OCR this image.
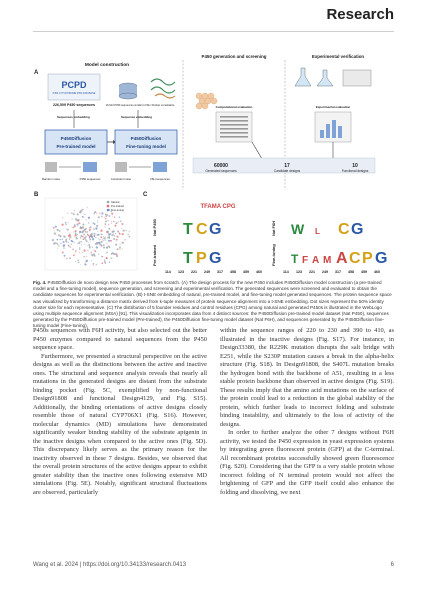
Research
A
Model construction
P450 generation and screening	Experimental verification
PCPD
P450 CYTOCHROME P450 DATABASE
226,509 P450 sequences	16,914 P450 sequences similar to F6H Pocket constraints
Sequences embedding	Sequence embedding
P450Diffusion
Pre-trained model
P450Diffusion
Fine-tuning model
Random noise	P450 sequences	Constraint noise	F6H sequences
Computational evaluation	Experimental evaluation
60000
Generated sequences
17
Candidate designs
10
Functional designs
B
Natural
Pre-trained
Fine-tuning
C
TFAMA CPG
Nat P450
Pre-trained
Nat F6H
Fine-tuning
T C G
T P G
W L C G
T F A M A C P G
114 123 221 249 317 458 459 460	114 123 221 249 317 458 459 460
Fig. 4. P450Diffusion de novo design new P450 processes from scratch. (A) The design process for the new P450 includes P450Diffusion model construction (a pre-trained model and a fine-tuning model), sequence generation, and screening and experimental verification. The generated sequences were screened and evaluated to obtain the candidate sequences for experimental verification. (B) t-SNE embedding of natural, pre-trained model, and fine-tuning model generated sequences. The protein sequence space was visualized by transforming a distance matrix derived from k-tuple measures of protein sequence alignment into a t-SNE embedding. Dot sizes represent the 50% identity cluster size for each representative. (C) The distribution of 5 founder residues and control residues (CPG) among natural and generated P450s is illustrated in the WebLogo using multiple sequence alignment (MSA) [91]. This visualization incorporates data from 4 distinct sources: the P450Diffusion pre-trained model dataset (Nat P450), sequences generated by the P450Diffusion pre-trained model (Pre-trained), the P450Diffusion fine-tuning model dataset (Nat F6H), and sequences generated by the P450Diffusion fine-tuning model (Fine-tuning).

P450s sequences with F6H activity, but also selected out the better P450 enzymes compared to natural sequences from the P450 sequence space.

Furthermore, we presented a structural perspective on the active designs as well as the distinctions between the active and inactive ones. The structural and sequence analysis reveals that nearly all mutations in the generated designs are distant from the substrate binding pocket (Fig. 5C, exemplified by non-functional Design91808 and functional Design4129, and Fig. S15). Additionally, the binding orientations of active designs closely resemble those of natural CYP706X1 (Fig. S16). However, molecular dynamics (MD) simulations have demonstrated significantly weaker binding stability of the substrate apigenin in the inactive designs when compared to the active ones (Fig. 5D). This discrepancy likely serves as the primary reason for the inactivity observed in these 7 designs. Besides, we observed that the overall protein structures of the active designs appear to exhibit greater stability than the inactive ones following extensive MD simulations (Fig. 5E). Notably, significant structural fluctuations are observed, particularly

within the sequence ranges of 220 to 230 and 390 to 410, as illustrated in the inactive designs (Fig. S17). For instance, in Design33380, the R229K mutation disrupts the salt bridge with E251, while the S230P mutation causes a break in the alpha-helix structure (Fig. S18). In Design91808, the S407L mutation breaks the hydrogen bond with the backbone of A51, resulting in a less stable protein backbone than observed in active designs (Fig. S19). These results imply that the amino acid mutations on the surface of the protein could lead to a reduction in the global stability of the protein, which further leads to incorrect folding and substrate binding instability, and ultimately to the loss of activity of the designs.

In order to further analyze the other 7 designs without F6H activity, we tested the P450 expression in yeast expression systems by integrating green fluorescent protein (GFP) at the C-terminal. All recombinant proteins successfully showed green fluorescence (Fig. S20). Considering that the GFP is a very stable protein whose incorrect folding of N terminal protein would not affect the brightening of GFP and the GFP itself could also enhance the folding and dissolving, we next

Wang et al. 2024 | https://doi.org/10.34133/research.0413	6
